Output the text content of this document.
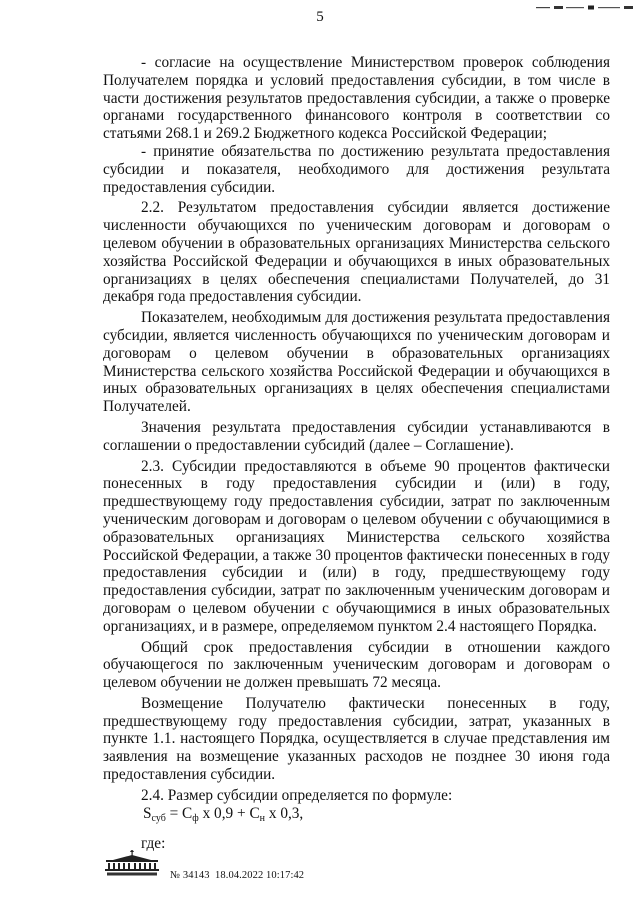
5

- согласие на осуществление Министерством проверок соблюдения Получателем порядка и условий предоставления субсидии, в том числе в части достижения результатов предоставления субсидии, а также о проверке органами государственного финансового контроля в соответствии со статьями 268.1 и 269.2 Бюджетного кодекса Российской Федерации;

- принятие обязательства по достижению результата предоставления субсидии и показателя, необходимого для достижения результата предоставления субсидии.

2.2. Результатом предоставления субсидии является достижение численности обучающихся по ученическим договорам и договорам о целевом обучении в образовательных организациях Министерства сельского хозяйства Российской Федерации и обучающихся в иных образовательных организациях в целях обеспечения специалистами Получателей, до 31 декабря года предоставления субсидии.

Показателем, необходимым для достижения результата предоставления субсидии, является численность обучающихся по ученическим договорам и договорам о целевом обучении в образовательных организациях Министерства сельского хозяйства Российской Федерации и обучающихся в иных образовательных организациях в целях обеспечения специалистами Получателей.

Значения результата предоставления субсидии устанавливаются в соглашении о предоставлении субсидий (далее – Соглашение).

2.3. Субсидии предоставляются в объеме 90 процентов фактически понесенных в году предоставления субсидии и (или) в году, предшествующему году предоставления субсидии, затрат по заключенным ученическим договорам и договорам о целевом обучении с обучающимися в образовательных организациях Министерства сельского хозяйства Российской Федерации, а также 30 процентов фактически понесенных в году предоставления субсидии и (или) в году, предшествующему году предоставления субсидии, затрат по заключенным ученическим договорам и договорам о целевом обучении с обучающимися в иных образовательных организациях, и в размере, определяемом пунктом 2.4 настоящего Порядка.

Общий срок предоставления субсидии в отношении каждого обучающегося по заключенным ученическим договорам и договорам о целевом обучении не должен превышать 72 месяца.

Возмещение Получателю фактически понесенных в году, предшествующему году предоставления субсидии, затрат, указанных в пункте 1.1. настоящего Порядка, осуществляется в случае представления им заявления на возмещение указанных расходов не позднее 30 июня года предоставления субсидии.

2.4. Размер субсидии определяется по формуле:

$S_{суб} = C_ф$ х $0,9 + C_н$ х 0,3,

где:

№ 34143 18.04.2022 10:17:42
